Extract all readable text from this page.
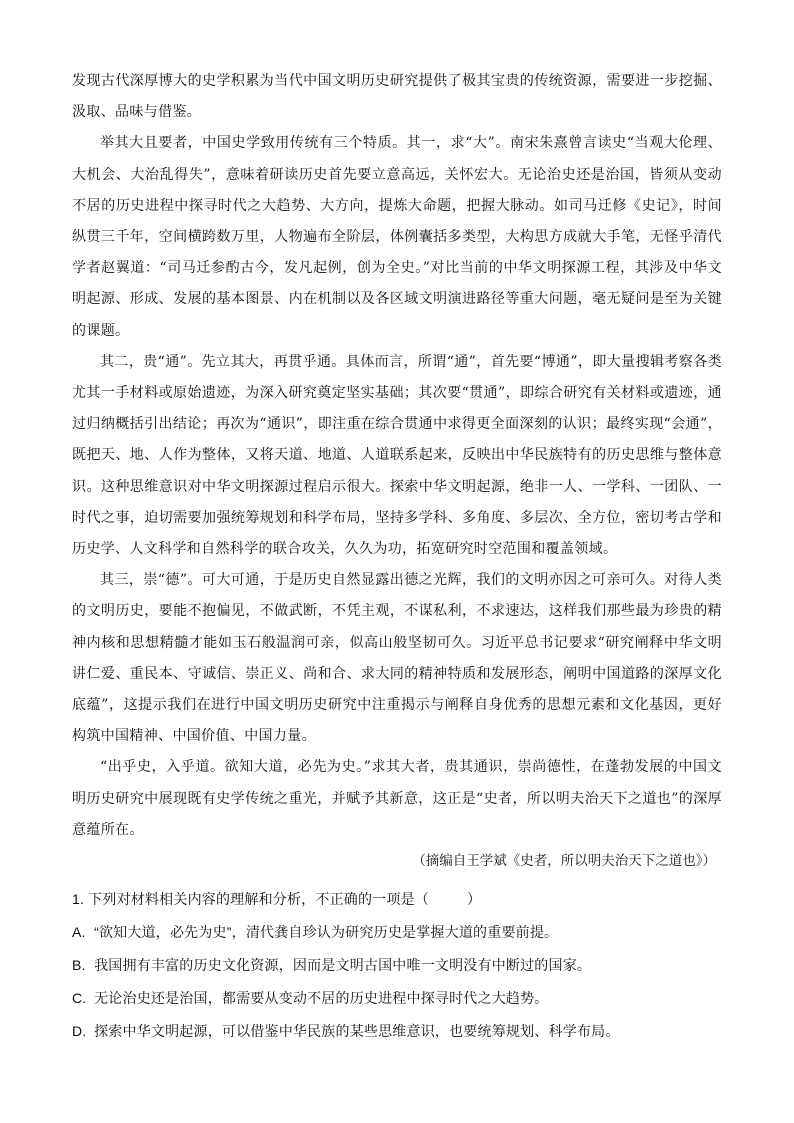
发现古代深厚博大的史学积累为当代中国文明历史研究提供了极其宝贵的传统资源，需要进一步挖掘、汲取、品味与借鉴。

举其大且要者，中国史学致用传统有三个特质。其一，求“大”。南宋朱熹曾言读史“当观大伦理、大机会、大治乱得失”，意味着研读历史首先要立意高远，关怀宏大。无论治史还是治国，皆须从变动不居的历史进程中探寻时代之大趋势、大方向，提炼大命题，把握大脉动。如司马迁修《史记》，时间纵贯三千年，空间横跨数万里，人物遍布全阶层，体例囊括多类型，大构思方成就大手笔，无怪乎清代学者赵翼道：“司马迁参酌古今，发凡起例，创为全史。”对比当前的中华文明探源工程，其涉及中华文明起源、形成、发展的基本图景、内在机制以及各区域文明演进路径等重大问题，毫无疑问是至为关键的课题。

其二，贵“通”。先立其大，再贯乎通。具体而言，所谓“通”，首先要“博通”，即大量搜辑考察各类尤其一手材料或原始遗迹，为深入研究奠定坚实基础；其次要“贯通”，即综合研究有关材料或遗迹，通过归纳概括引出结论；再次为“通识”，即注重在综合贯通中求得更全面深刻的认识；最终实现“会通”，既把天、地、人作为整体，又将天道、地道、人道联系起来，反映出中华民族特有的历史思维与整体意识。这种思维意识对中华文明探源过程启示很大。探索中华文明起源，绝非一人、一学科、一团队、一时代之事，迫切需要加强统筹规划和科学布局，坚持多学科、多角度、多层次、全方位，密切考古学和历史学、人文科学和自然科学的联合攻关，久久为功，拓宽研究时空范围和覆盖领域。

其三，崇“德”。可大可通，于是历史自然显露出德之光辉，我们的文明亦因之可亲可久。对待人类的文明历史，要能不抱偏见，不做武断，不凭主观，不谋私利，不求速达，这样我们那些最为珍贵的精神内核和思想精髓才能如玉石般温润可亲，似高山般坚韧可久。习近平总书记要求“研究阐释中华文明讲仁爱、重民本、守诚信、崇正义、尚和合、求大同的精神特质和发展形态，阐明中国道路的深厚文化底蕴”，这提示我们在进行中国文明历史研究中注重揭示与阐释自身优秀的思想元素和文化基因，更好构筑中国精神、中国价值、中国力量。

“出乎史，入乎道。欲知大道，必先为史。”求其大者，贵其通识，崇尚德性，在蓬勃发展的中国文明历史研究中展现既有史学传统之重光，并赋予其新意，这正是“史者，所以明夫治天下之道也”的深厚意蕴所在。

（摘编自王学斌《史者，所以明夫治天下之道也》）
1. 下列对材料相关内容的理解和分析，不正确的一项是（	）
A. “欲知大道，必先为史”，清代龚自珍认为研究历史是掌握大道的重要前提。
B. 我国拥有丰富的历史文化资源，因而是文明古国中唯一文明没有中断过的国家。
C. 无论治史还是治国，都需要从变动不居的历史进程中探寻时代之大趋势。
D. 探索中华文明起源，可以借鉴中华民族的某些思维意识，也要统筹规划、科学布局。
